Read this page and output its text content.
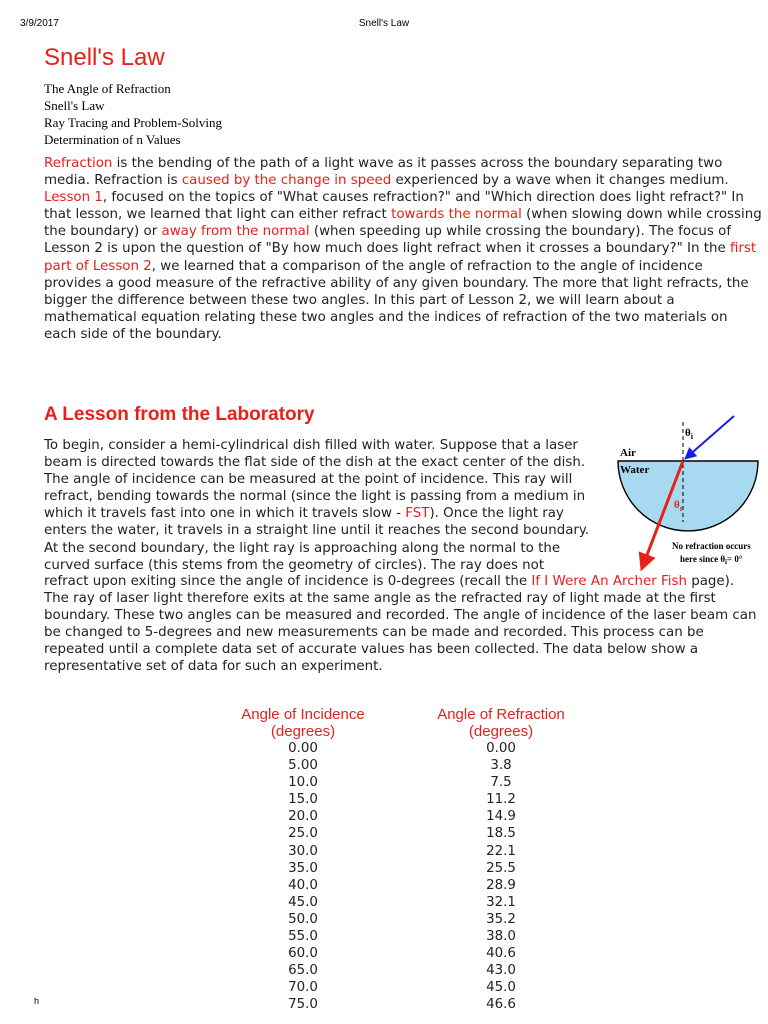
3/9/2017	Snell's Law
Snell's Law
The Angle of Refraction
Snell's Law
Ray Tracing and Problem-Solving
Determination of n Values

Refraction is the bending of the path of a light wave as it passes across the boundary separating two media. Refraction is caused by the change in speed experienced by a wave when it changes medium. Lesson 1, focused on the topics of "What causes refraction?" and "Which direction does light refract?" In that lesson, we learned that light can either refract towards the normal (when slowing down while crossing the boundary) or away from the normal (when speeding up while crossing the boundary). The focus of Lesson 2 is upon the question of "By how much does light refract when it crosses a boundary?" In the first part of Lesson 2, we learned that a comparison of the angle of refraction to the angle of incidence provides a good measure of the refractive ability of any given boundary. The more that light refracts, the bigger the difference between these two angles. In this part of Lesson 2, we will learn about a mathematical equation relating these two angles and the indices of refraction of the two materials on each side of the boundary.

A Lesson from the Laboratory

To begin, consider a hemi-cylindrical dish filled with water. Suppose that a laser beam is directed towards the flat side of the dish at the exact center of the dish. The angle of incidence can be measured at the point of incidence. This ray will refract, bending towards the normal (since the light is passing from a medium in which it travels fast into one in which it travels slow - FST). Once the light ray enters the water, it travels in a straight line until it reaches the second boundary. At the second boundary, the light ray is approaching along the normal to the curved surface (this stems from the geometry of circles). The ray does not

refract upon exiting since the angle of incidence is 0-degrees (recall the If I Were An Archer Fish page). The ray of laser light therefore exits at the same angle as the refracted ray of light made at the first boundary. These two angles can be measured and recorded. The angle of incidence of the laser beam can be changed to 5-degrees and new measurements can be made and recorded. This process can be repeated until a complete data set of accurate values has been collected. The data below show a representative set of data for such an experiment.

Air
Water
$\theta_i$
$\theta_r$
No refraction occurs
here since $\theta_i= 0^\circ$
Angle of Incidence
(degrees)	Angle of Refraction
(degrees)
0.00	0.00
5.00	3.8
10.0	7.5
15.0	11.2
20.0	14.9
25.0	18.5
30.0	22.1
35.0	25.5
40.0	28.9
45.0	32.1
50.0	35.2
55.0	38.0
60.0	40.6
65.0	43.0
70.0	45.0
75.0	46.6
h
